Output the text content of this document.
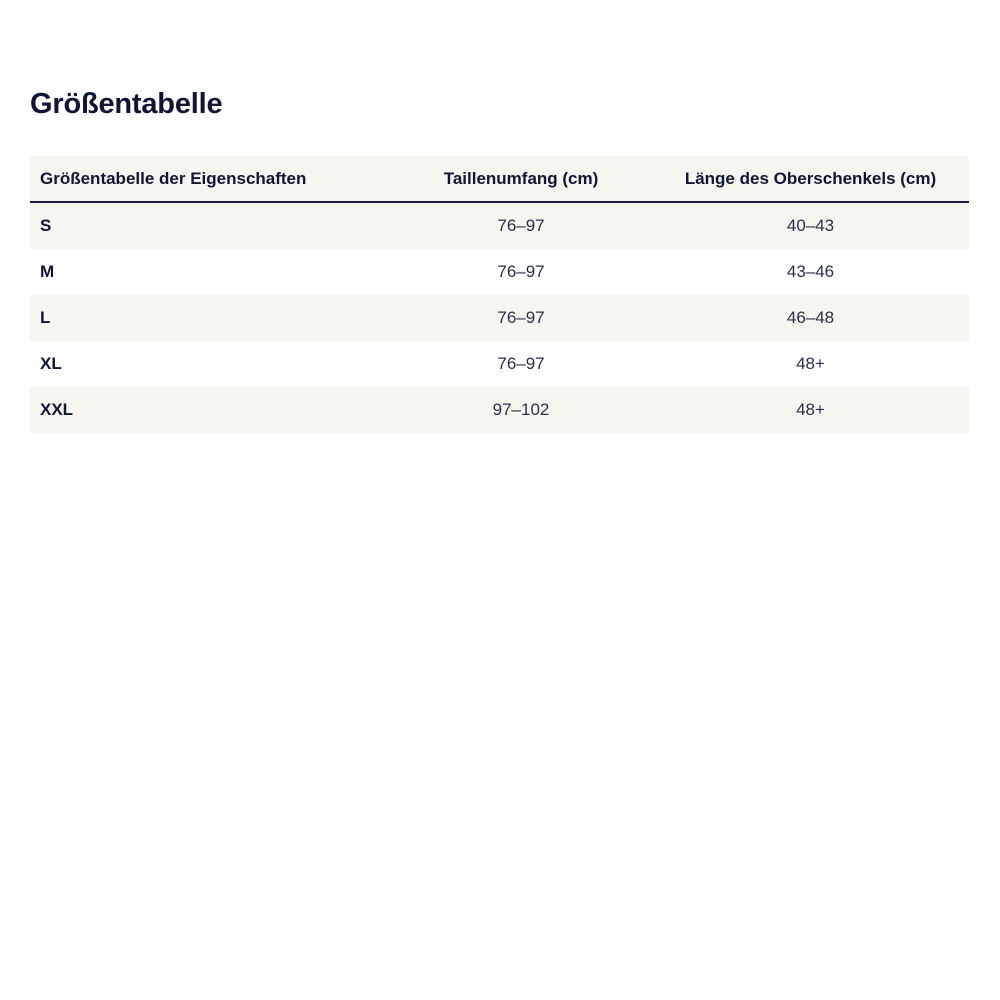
Größentabelle
Größentabelle der Eigenschaften	Taillenumfang (cm)	Länge des Oberschenkels (cm)
S	76–97	40–43
M	76–97	43–46
L	76–97	46–48
XL	76–97	48+
XXL	97–102	48+
